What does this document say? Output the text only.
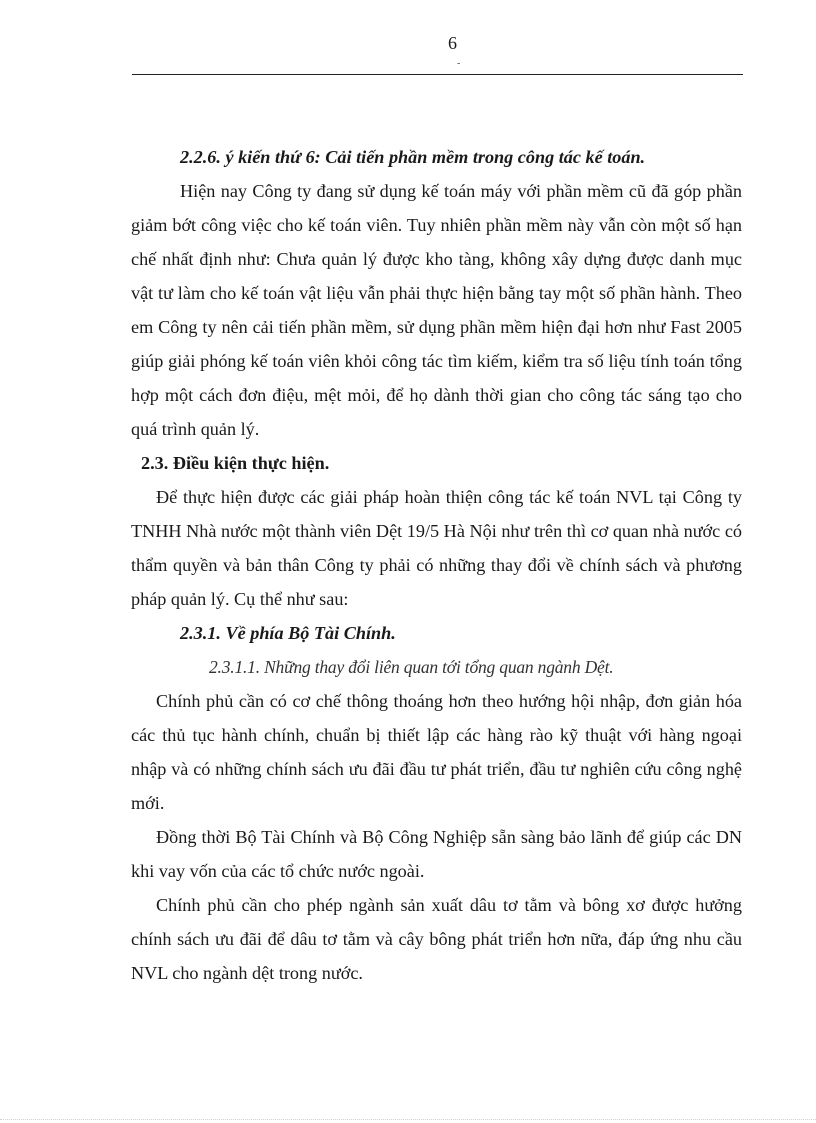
6
-

2.2.6. ý kiến thứ 6: Cải tiến phần mềm trong công tác kế toán.

Hiện nay Công ty đang sử dụng kế toán máy với phần mềm cũ đã góp phần giảm bớt công việc cho kế toán viên. Tuy nhiên phần mềm này vẫn còn một số hạn chế nhất định như: Chưa quản lý được kho tàng, không xây dựng được danh mục vật tư làm cho kế toán vật liệu vẫn phải thực hiện bằng tay một số phần hành. Theo em Công ty nên cải tiến phần mềm, sử dụng phần mềm hiện đại hơn như Fast 2005 giúp giải phóng kế toán viên khỏi công tác tìm kiếm, kiểm tra số liệu tính toán tổng hợp một cách đơn điệu, mệt mỏi, để họ dành thời gian cho công tác sáng tạo cho quá trình quản lý.

2.3. Điều kiện thực hiện.

Để thực hiện được các giải pháp hoàn thiện công tác kế toán NVL tại Công ty TNHH Nhà nước một thành viên Dệt 19/5 Hà Nội như trên thì cơ quan nhà nước có thẩm quyền và bản thân Công ty phải có những thay đổi về chính sách và phương pháp quản lý. Cụ thể như sau:

2.3.1. Về phía Bộ Tài Chính.

2.3.1.1. Những thay đổi liên quan tới tổng quan ngành Dệt.

Chính phủ cần có cơ chế thông thoáng hơn theo hướng hội nhập, đơn giản hóa các thủ tục hành chính, chuẩn bị thiết lập các hàng rào kỹ thuật với hàng ngoại nhập và có những chính sách ưu đãi đầu tư phát triển, đầu tư nghiên cứu công nghệ mới.

Đồng thời Bộ Tài Chính và Bộ Công Nghiệp sẵn sàng bảo lãnh để giúp các DN khi vay vốn của các tổ chức nước ngoài.

Chính phủ cần cho phép ngành sản xuất dâu tơ tằm và bông xơ được hưởng chính sách ưu đãi để dâu tơ tằm và cây bông phát triển hơn nữa, đáp ứng nhu cầu NVL cho ngành dệt trong nước.
